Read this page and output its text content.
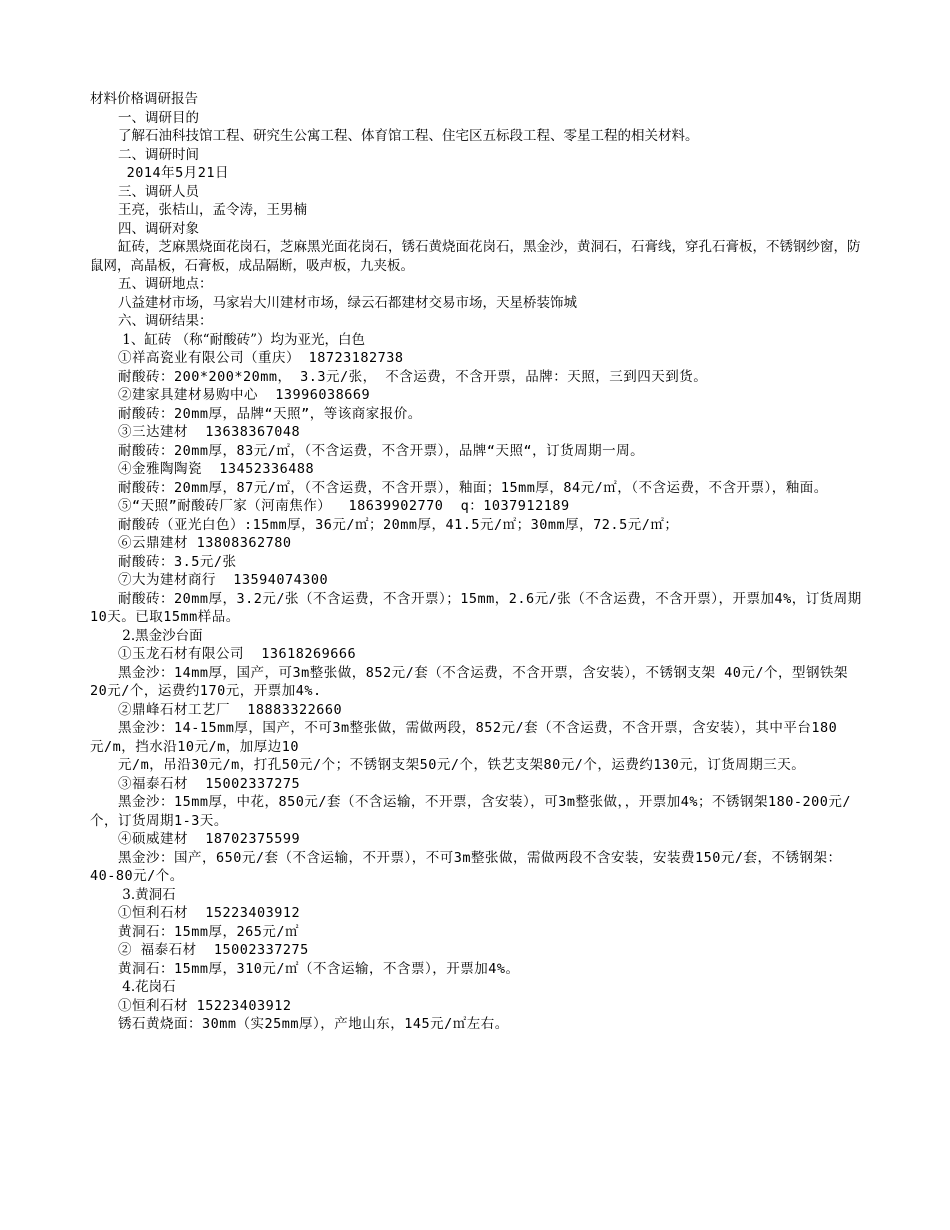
材料价格调研报告

一、调研目的

了解石油科技馆工程、研究生公寓工程、体育馆工程、住宅区五标段工程、零星工程的相关材料。

二、调研时间

2014年5月21日

三、调研人员

王亮，张桔山，孟令涛，王男楠

四、调研对象

缸砖，芝麻黑烧面花岗石，芝麻黑光面花岗石，锈石黄烧面花岗石，黑金沙，黄洞石，石膏线，穿孔石膏板，不锈钢纱窗，防鼠网，高晶板，石膏板，成品隔断，吸声板，九夹板。

五、调研地点：

八益建材市场，马家岩大川建材市场，绿云石都建材交易市场，天星桥装饰城

六、调研结果：

1、缸砖 （称“耐酸砖”）均为亚光，白色

①祥高瓷业有限公司（重庆） 18723182738

耐酸砖：200*200*20mm， 3.3元/张， 不含运费，不含开票，品牌：天照，三到四天到货。

②建家具建材易购中心  13996038669

耐酸砖：20mm厚，品牌“天照”，等该商家报价。

③三达建材  13638367048

耐酸砖：20mm厚，83元/㎡，（不含运费，不含开票），品牌“天照“，订货周期一周。

④金雅陶陶瓷  13452336488

耐酸砖：20mm厚，87元/㎡，（不含运费，不含开票），釉面；15mm厚，84元/㎡，（不含运费，不含开票），釉面。

⑤“天照”耐酸砖厂家（河南焦作）  18639902770  q：1037912189

耐酸砖（亚光白色）:15mm厚，36元/㎡；20mm厚，41.5元/㎡；30mm厚，72.5元/㎡；

⑥云鼎建材 13808362780

耐酸砖：3.5元/张

⑦大为建材商行  13594074300

耐酸砖：20mm厚，3.2元/张（不含运费，不含开票）；15mm，2.6元/张（不含运费，不含开票），开票加4%，订货周期10天。已取15mm样品。

2.黑金沙台面

①玉龙石材有限公司  13618269666

黑金沙：14mm厚，国产，可3m整张做，852元/套（不含运费，不含开票，含安装），不锈钢支架 40元/个，型钢铁架20元/个，运费约170元，开票加4%.

②鼎峰石材工艺厂  18883322660

黑金沙：14-15mm厚，国产，不可3m整张做，需做两段，852元/套（不含运费，不含开票，含安装），其中平台180元/m，挡水沿10元/m，加厚边10

元/m，吊沿30元/m，打孔50元/个；不锈钢支架50元/个，铁艺支架80元/个，运费约130元，订货周期三天。

③福泰石材  15002337275

黑金沙：15mm厚，中花，850元/套（不含运输，不开票，含安装），可3m整张做，，开票加4%；不锈钢架180-200元/个，订货周期1-3天。

④硕威建材  18702375599

黑金沙：国产，650元/套（不含运输，不开票），不可3m整张做，需做两段不含安装，安装费150元/套，不锈钢架：40-80元/个。

3.黄洞石

①恒利石材  15223403912

黄洞石：15mm厚，265元/㎡

② 福泰石材  15002337275

黄洞石：15mm厚，310元/㎡（不含运输，不含票），开票加4%。

4.花岗石

①恒利石材 15223403912

锈石黄烧面：30mm（实25mm厚），产地山东，145元/㎡左右。
